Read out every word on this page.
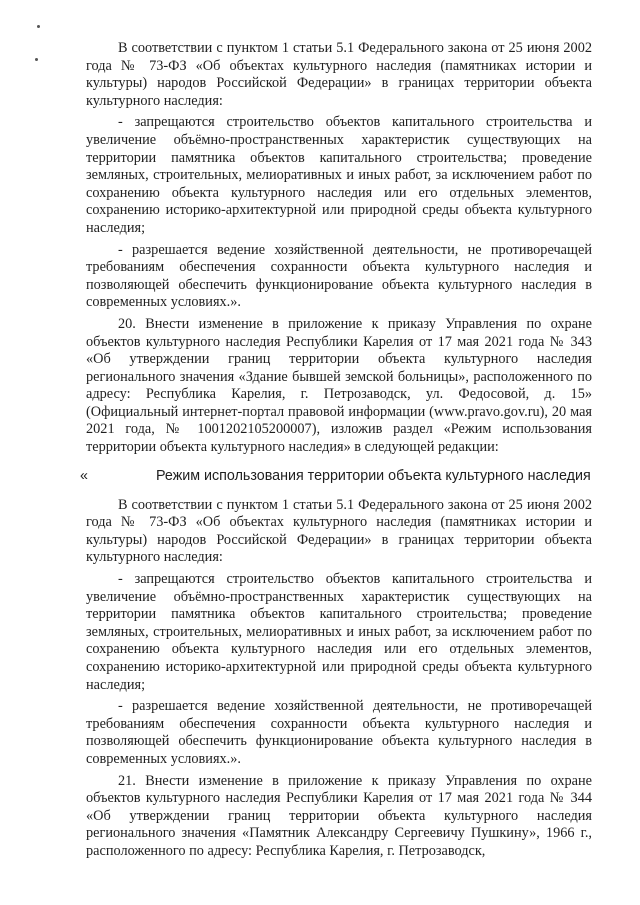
В соответствии с пунктом 1 статьи 5.1 Федерального закона от 25 июня 2002 года № 73-ФЗ «Об объектах культурного наследия (памятниках истории и культуры) народов Российской Федерации» в границах территории объекта культурного наследия:

- запрещаются строительство объектов капитального строительства и увеличение объёмно-пространственных характеристик существующих на территории памятника объектов капитального строительства; проведение земляных, строительных, мелиоративных и иных работ, за исключением работ по сохранению объекта культурного наследия или его отдельных элементов, сохранению историко-архитектурной или природной среды объекта культурного наследия;

- разрешается ведение хозяйственной деятельности, не противоречащей требованиям обеспечения сохранности объекта культурного наследия и позволяющей обеспечить функционирование объекта культурного наследия в современных условиях.».

20. Внести изменение в приложение к приказу Управления по охране объектов культурного наследия Республики Карелия от 17 мая 2021 года № 343 «Об утверждении границ территории объекта культурного наследия регионального значения «Здание бывшей земской больницы», расположенного по адресу: Республика Карелия, г. Петрозаводск, ул. Федосовой, д. 15» (Официальный интернет-портал правовой информации (www.pravo.gov.ru), 20 мая 2021 года, № 1001202105200007), изложив раздел «Режим использования территории объекта культурного наследия» в следующей редакции:

«	Режим использования территории объекта культурного наследия

В соответствии с пунктом 1 статьи 5.1 Федерального закона от 25 июня 2002 года № 73-ФЗ «Об объектах культурного наследия (памятниках истории и культуры) народов Российской Федерации» в границах территории объекта культурного наследия:

- запрещаются строительство объектов капитального строительства и увеличение объёмно-пространственных характеристик существующих на территории памятника объектов капитального строительства; проведение земляных, строительных, мелиоративных и иных работ, за исключением работ по сохранению объекта культурного наследия или его отдельных элементов, сохранению историко-архитектурной или природной среды объекта культурного наследия;

- разрешается ведение хозяйственной деятельности, не противоречащей требованиям обеспечения сохранности объекта культурного наследия и позволяющей обеспечить функционирование объекта культурного наследия в современных условиях.».

21. Внести изменение в приложение к приказу Управления по охране объектов культурного наследия Республики Карелия от 17 мая 2021 года № 344 «Об утверждении границ территории объекта культурного наследия регионального значения «Памятник Александру Сергеевичу Пушкину», 1966 г., расположенного по адресу: Республика Карелия, г. Петрозаводск,
